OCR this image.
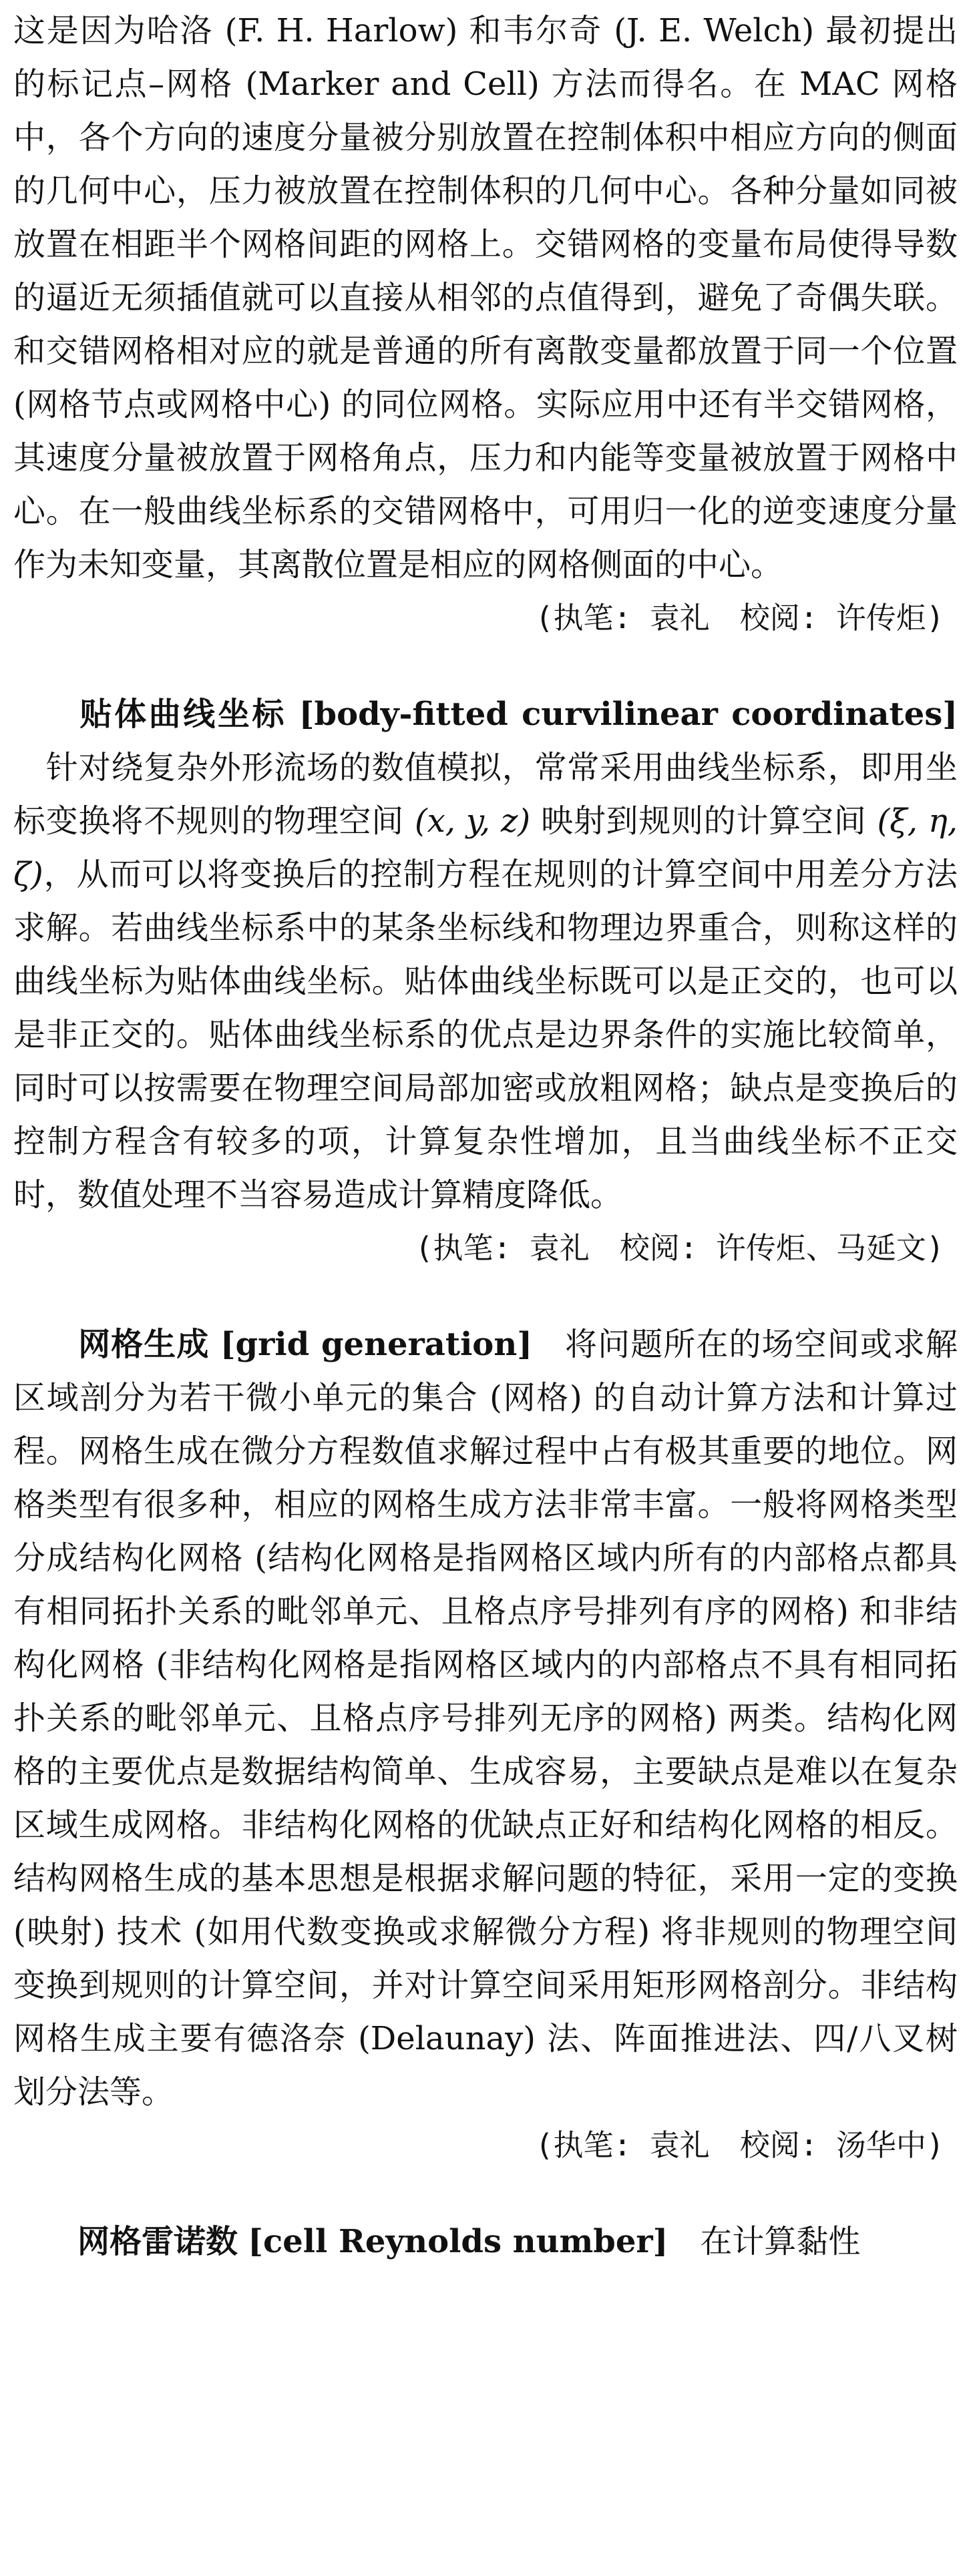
这是因为哈洛 (F. H. Harlow) 和韦尔奇 (J. E. Welch) 最初提出的标记点–网格 (Marker and Cell) 方法而得名。在 MAC 网格中，各个方向的速度分量被分别放置在控制体积中相应方向的侧面的几何中心，压力被放置在控制体积的几何中心。各种分量如同被放置在相距半个网格间距的网格上。交错网格的变量布局使得导数的逼近无须插值就可以直接从相邻的点值得到，避免了奇偶失联。和交错网格相对应的就是普通的所有离散变量都放置于同一个位置 (网格节点或网格中心) 的同位网格。实际应用中还有半交错网格，其速度分量被放置于网格角点，压力和内能等变量被放置于网格中心。在一般曲线坐标系的交错网格中，可用归一化的逆变速度分量作为未知变量，其离散位置是相应的网格侧面的中心。

(执笔: 袁礼　校阅: 许传炬)

贴体曲线坐标 [body-fitted curvilinear coordinates]针对绕复杂外形流场的数值模拟，常常采用曲线坐标系，即用坐标变换将不规则的物理空间 (x, y, z) 映射到规则的计算空间 (ξ, η, ζ)，从而可以将变换后的控制方程在规则的计算空间中用差分方法求解。若曲线坐标系中的某条坐标线和物理边界重合，则称这样的曲线坐标为贴体曲线坐标。贴体曲线坐标既可以是正交的，也可以是非正交的。贴体曲线坐标系的优点是边界条件的实施比较简单，同时可以按需要在物理空间局部加密或放粗网格；缺点是变换后的控制方程含有较多的项，计算复杂性增加，且当曲线坐标不正交时，数值处理不当容易造成计算精度降低。

(执笔: 袁礼　校阅: 许传炬、马延文)

网格生成 [grid generation] 将问题所在的场空间或求解区域剖分为若干微小单元的集合 (网格) 的自动计算方法和计算过程。网格生成在微分方程数值求解过程中占有极其重要的地位。网格类型有很多种，相应的网格生成方法非常丰富。一般将网格类型分成结构化网格 (结构化网格是指网格区域内所有的内部格点都具有相同拓扑关系的毗邻单元、且格点序号排列有序的网格) 和非结构化网格 (非结构化网格是指网格区域内的内部格点不具有相同拓扑关系的毗邻单元、且格点序号排列无序的网格) 两类。结构化网格的主要优点是数据结构简单、生成容易，主要缺点是难以在复杂区域生成网格。非结构化网格的优缺点正好和结构化网格的相反。结构网格生成的基本思想是根据求解问题的特征，采用一定的变换 (映射) 技术 (如用代数变换或求解微分方程) 将非规则的物理空间变换到规则的计算空间，并对计算空间采用矩形网格剖分。非结构网格生成主要有德洛奈 (Delaunay) 法、阵面推进法、四/八叉树划分法等。

(执笔: 袁礼　校阅: 汤华中)

网格雷诺数 [cell Reynolds number] 在计算黏性
